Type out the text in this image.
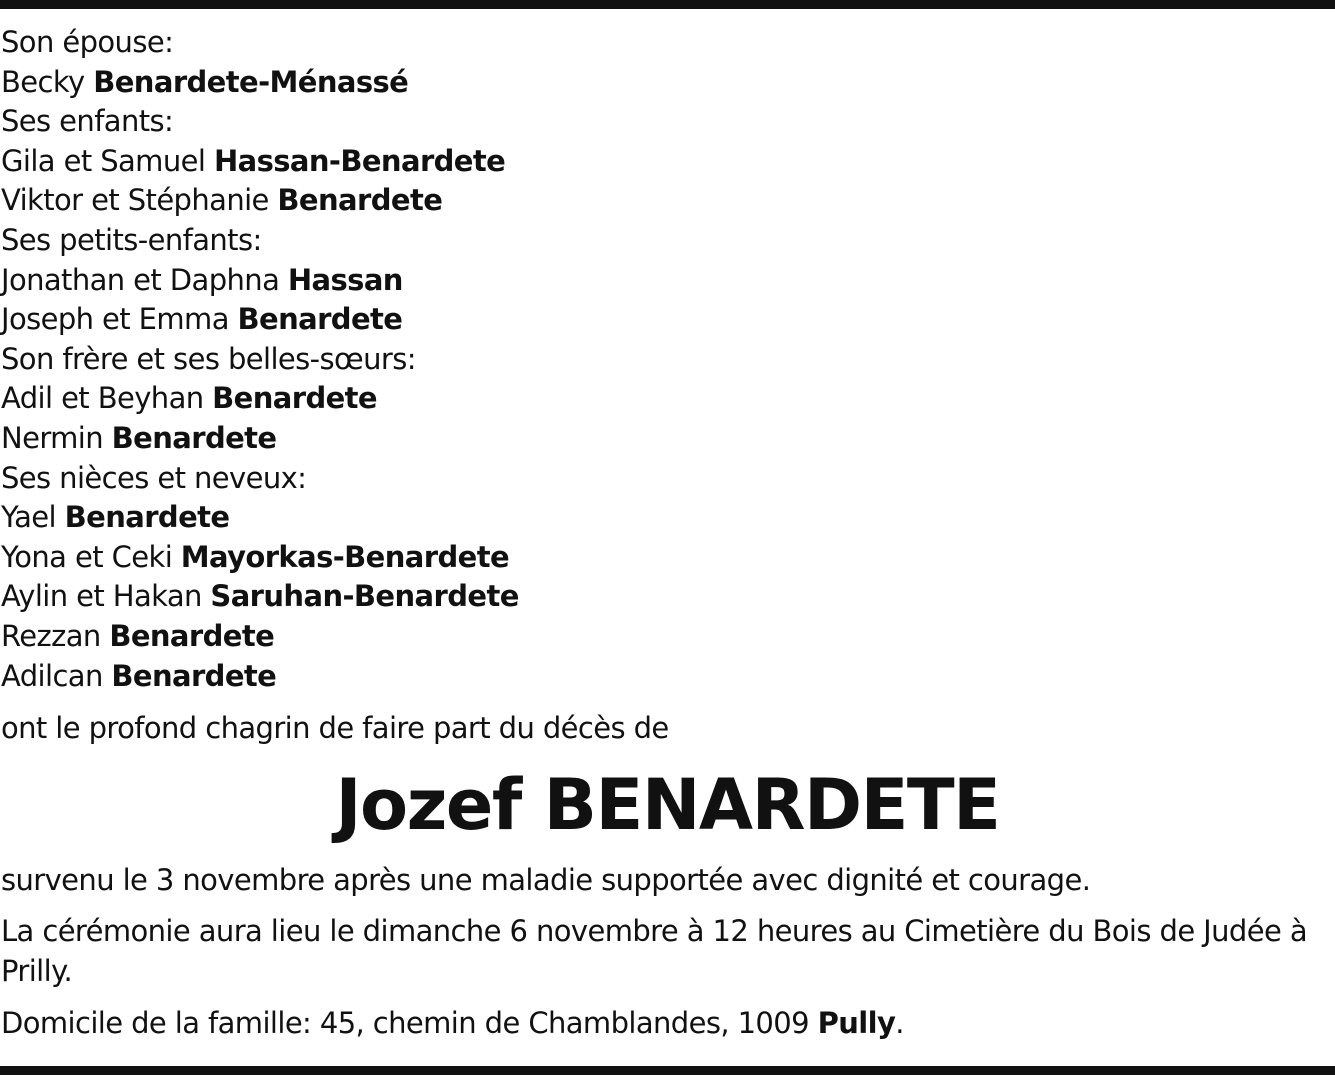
Son épouse:
Becky Benardete-Ménassé
Ses enfants:
Gila et Samuel Hassan-Benardete
Viktor et Stéphanie Benardete
Ses petits-enfants:
Jonathan et Daphna Hassan
Joseph et Emma Benardete
Son frère et ses belles-sœurs:
Adil et Beyhan Benardete
Nermin Benardete
Ses nièces et neveux:
Yael Benardete
Yona et Ceki Mayorkas-Benardete
Aylin et Hakan Saruhan-Benardete
Rezzan Benardete
Adilcan Benardete
ont le profond chagrin de faire part du décès de
Jozef BENARDETE
survenu le 3 novembre après une maladie supportée avec dignité et courage.
La cérémonie aura lieu le dimanche 6 novembre à 12 heures au Cimetière du Bois de Judée à Prilly.
Domicile de la famille: 45, chemin de Chamblandes, 1009 Pully.
